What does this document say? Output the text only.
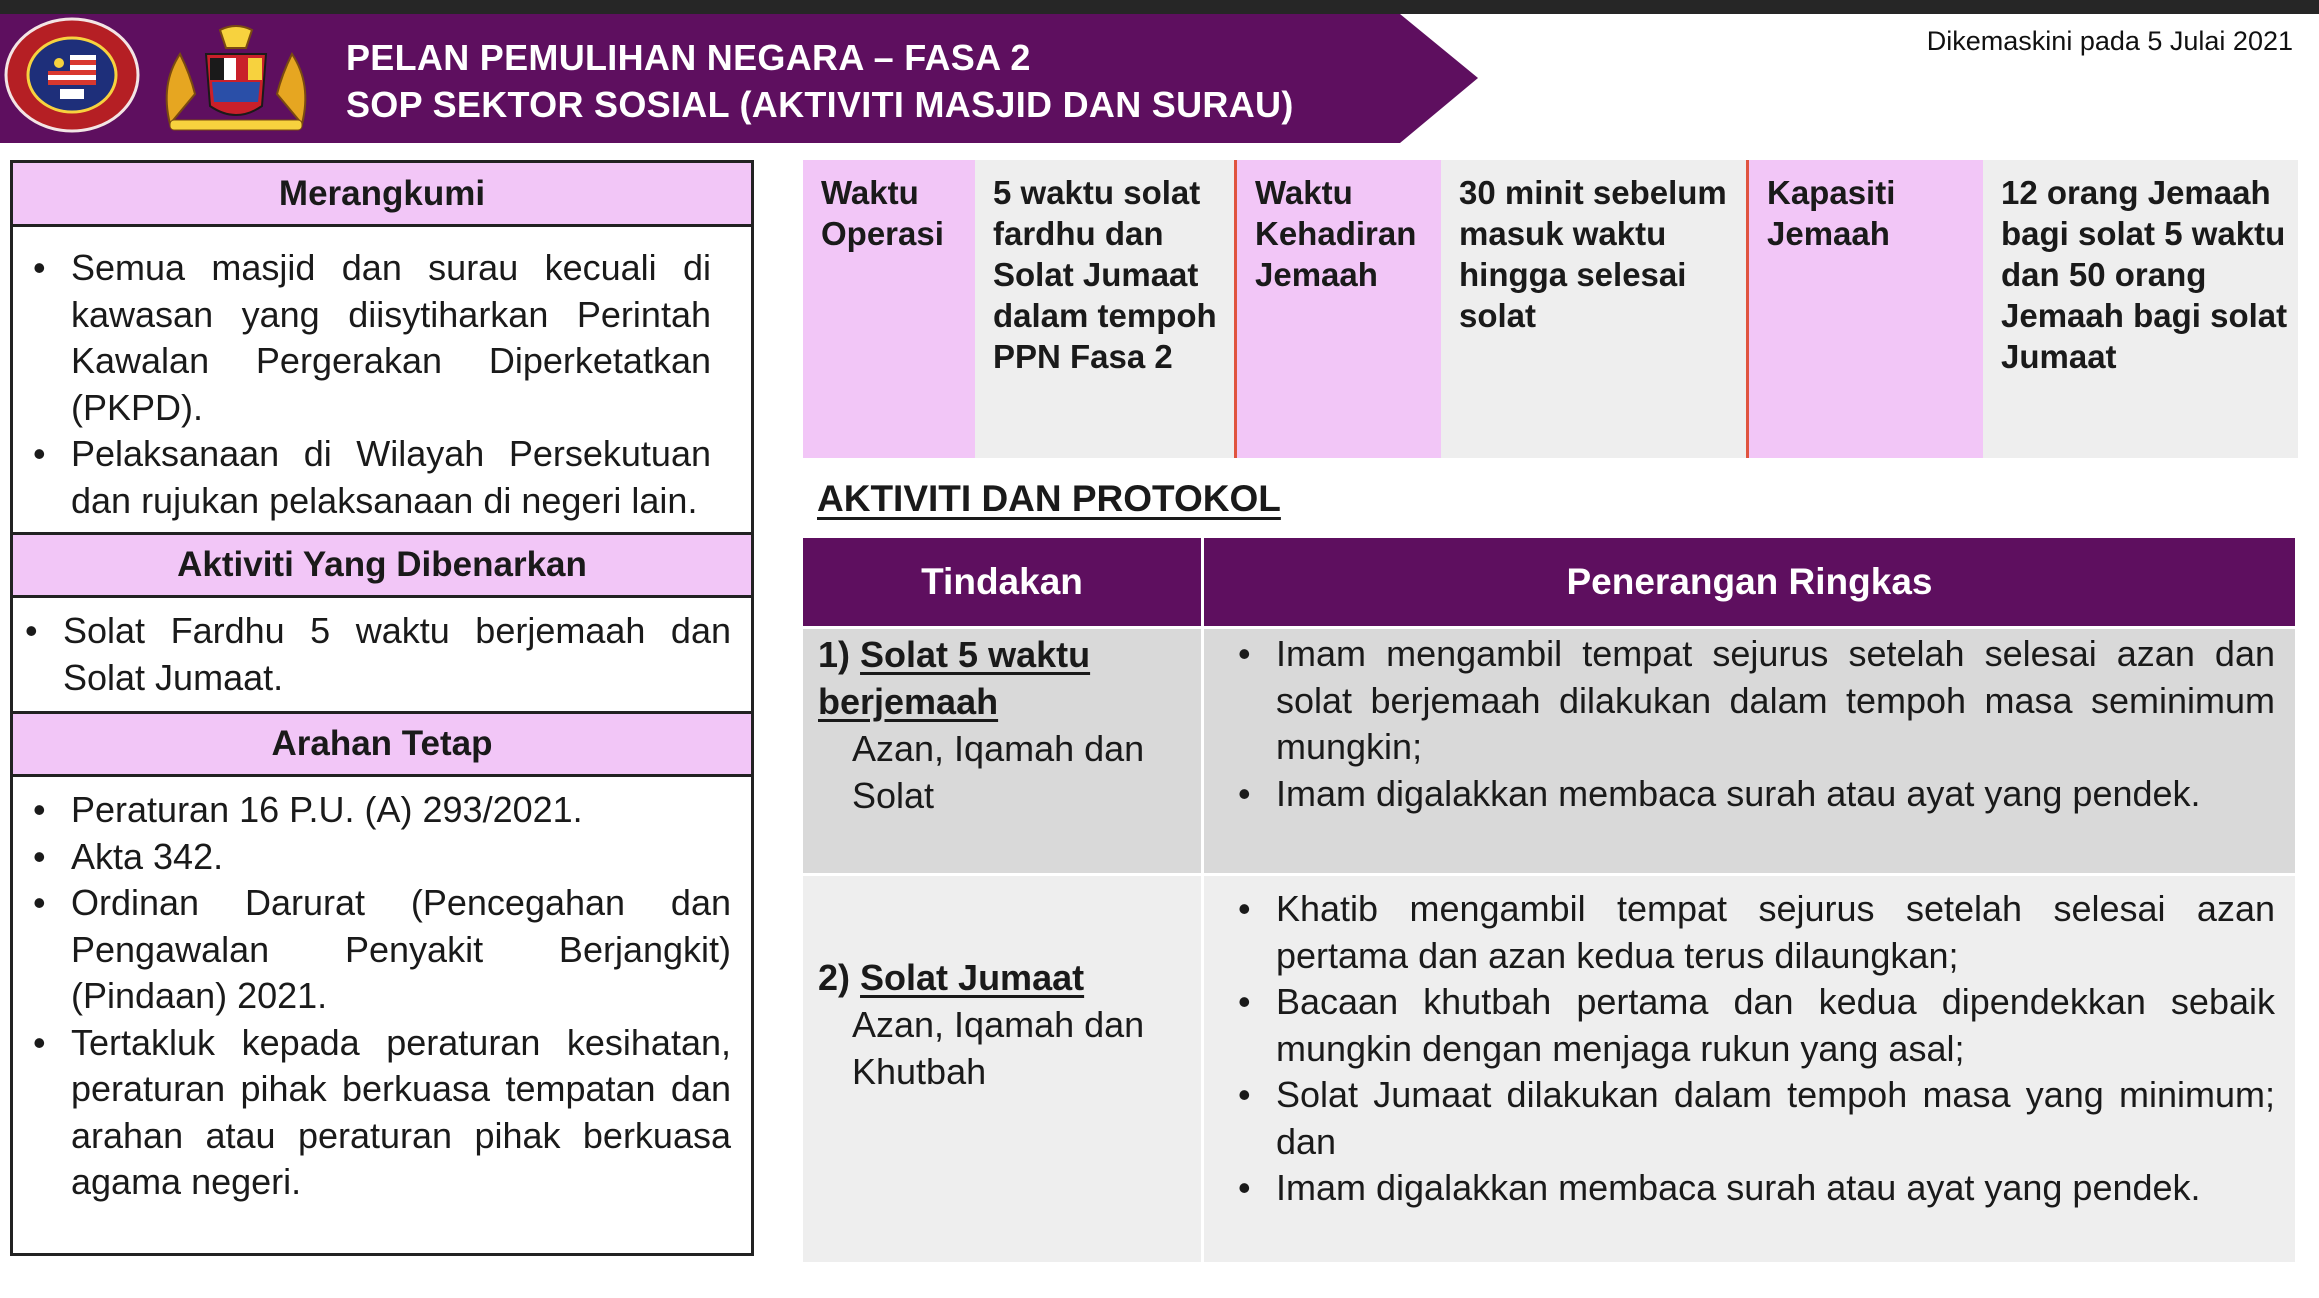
PELAN PEMULIHAN NEGARA – FASA 2
SOP SEKTOR SOSIAL (AKTIVITI MASJID DAN SURAU)
Dikemaskini pada 5 Julai 2021
Merangkumi
• Semua masjid dan surau kecuali di kawasan yang diisytiharkan Perintah Kawalan Pergerakan Diperketatkan (PKPD).
• Pelaksanaan di Wilayah Persekutuan dan rujukan pelaksanaan di negeri lain.
Aktiviti Yang Dibenarkan
• Solat Fardhu 5 waktu berjemaah dan Solat Jumaat.
Arahan Tetap
• Peraturan 16 P.U. (A) 293/2021.
• Akta 342.
• Ordinan Darurat (Pencegahan dan Pengawalan Penyakit Berjangkit) (Pindaan) 2021.
• Tertakluk kepada peraturan kesihatan, peraturan pihak berkuasa tempatan dan arahan atau peraturan pihak berkuasa agama negeri.
Waktu Operasi
5 waktu solat fardhu dan Solat Jumaat dalam tempoh PPN Fasa 2
Waktu Kehadiran Jemaah
30 minit sebelum masuk waktu hingga selesai solat
Kapasiti Jemaah
12 orang Jemaah bagi solat 5 waktu dan 50 orang Jemaah bagi solat Jumaat
AKTIVITI DAN PROTOKOL
Tindakan	Penerangan Ringkas
1) Solat 5 waktu berjemaah
Azan, Iqamah dan Solat
• Imam mengambil tempat sejurus setelah selesai azan dan solat berjemaah dilakukan dalam tempoh masa seminimum mungkin;
• Imam digalakkan membaca surah atau ayat yang pendek.
2) Solat Jumaat
Azan, Iqamah dan Khutbah
• Khatib mengambil tempat sejurus setelah selesai azan pertama dan azan kedua terus dilaungkan;
• Bacaan khutbah pertama dan kedua dipendekkan sebaik mungkin dengan menjaga rukun yang asal;
• Solat Jumaat dilakukan dalam tempoh masa yang minimum; dan
• Imam digalakkan membaca surah atau ayat yang pendek.
